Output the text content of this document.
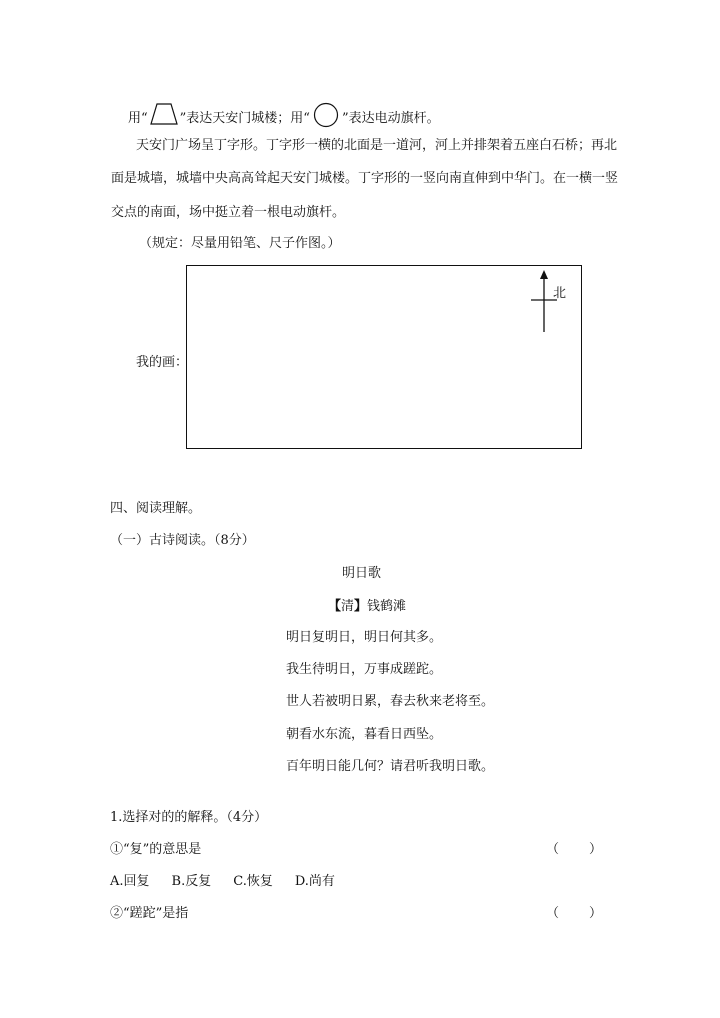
用“ ”表达天安门城楼；用“ ”表达电动旗杆。
天安门广场呈丁字形。丁字形一横的北面是一道河，河上并排架着五座白石桥；再北
面是城墙，城墙中央高高耸起天安门城楼。丁字形的一竖向南直伸到中华门。在一横一竖
交点的南面，场中挺立着一根电动旗杆。
（规定：尽量用铅笔、尺子作图。）
我的画：
北
四、阅读理解。
（一）古诗阅读。（8分）
明日歌
【清】钱鹤滩
明日复明日，明日何其多。
我生待明日，万事成蹉跎。
世人若被明日累，春去秋来老将至。
朝看水东流，暮看日西坠。
百年明日能几何？请君听我明日歌。
1.选择对的的解释。（4分）
①“复”的意思是	（ ）
A.回复 B.反复 C.恢复 D.尚有
②“蹉跎”是指	（ ）
